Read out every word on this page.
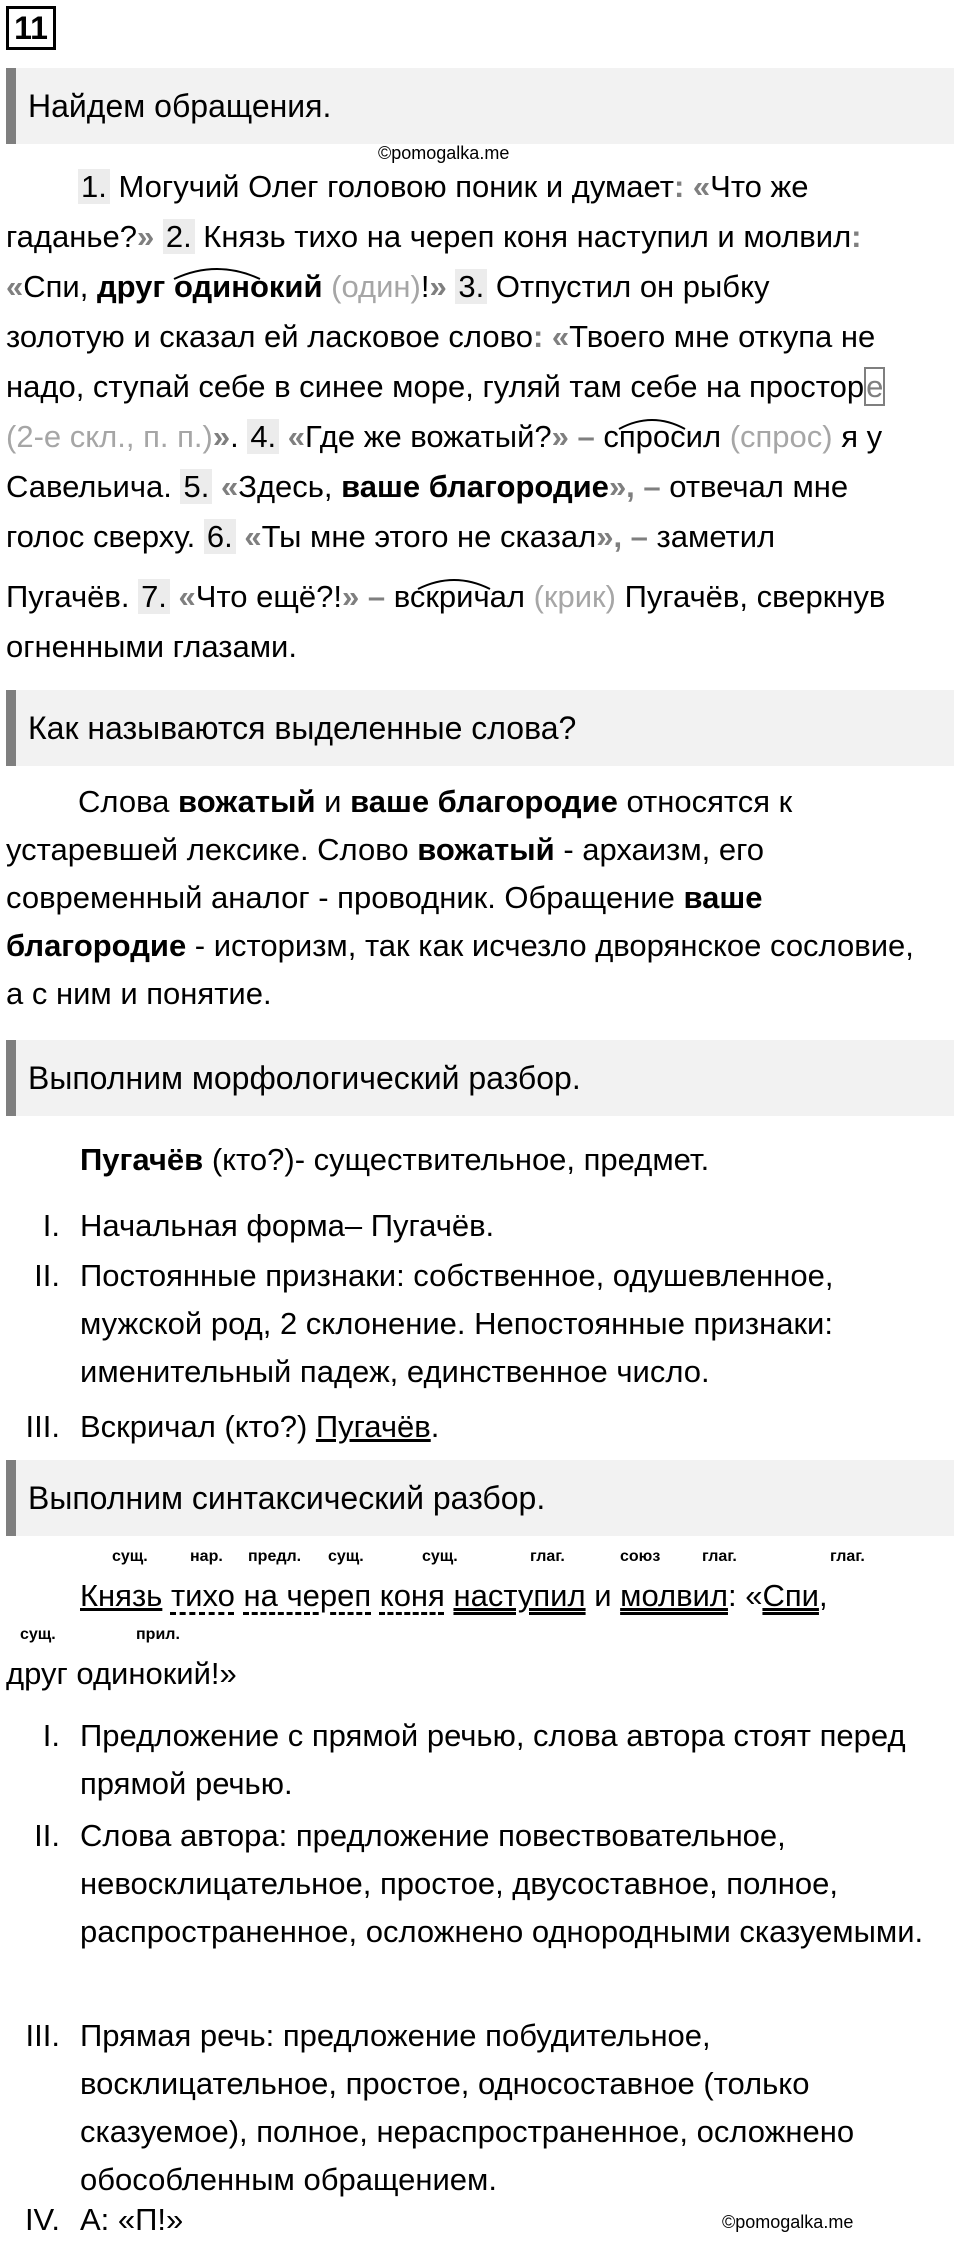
11
Найдем обращения.
©pomogalka.me
1. Могучий Олег головою поник и думает: «Что же
гаданье?» 2. Князь тихо на череп коня наступил и молвил:
«Спи, друг одинокий (один)!» 3. Отпустил он рыбку
золотую и сказал ей ласковое слово: «Твоего мне откупа не
надо, ступай себе в синее море, гуляй там себе на просторе
(2-е скл., п. п.)». 4. «Где же вожатый?» – спросил (спрос) я у
Савельича. 5. «Здесь, ваше благородие», – отвечал мне
голос сверху. 6. «Ты мне этого не сказал», – заметил
Пугачёв. 7. «Что ещё?!» – вскричал (крик) Пугачёв, сверкнув
огненными глазами.
Как называются выделенные слова?
Слова вожатый и ваше благородие относятся к устаревшей лексике. Слово вожатый - архаизм, его современный аналог - проводник. Обращение ваше благородие - историзм, так как исчезло дворянское сословие, а с ним и понятие.
Выполним морфологический разбор.
Пугачёв (кто?)- существительное, предмет.
I. Начальная форма– Пугачёв.
II. Постоянные признаки: собственное, одушевленное, мужской род, 2 склонение. Непостоянные признаки: именительный падеж, единственное число.
III. Вскричал (кто?) Пугачёв.
Выполним синтаксический разбор.
сущ.	нар. предл. сущ.	сущ.	глаг.	союз	глаг.	глаг.
Князь тихо на череп коня наступил и молвил: «Спи,
сущ.	прил.
друг одинокий!»
I. Предложение с прямой речью, слова автора стоят перед прямой речью.
II. Слова автора: предложение повествовательное, невосклицательное, простое, двусоставное, полное, распространенное, осложнено однородными сказуемыми.
III. Прямая речь: предложение побудительное, восклицательное, простое, односоставное (только сказуемое), полное, нераспространенное, осложнено обособленным обращением.
IV. А: «П!»	©pomogalka.me
